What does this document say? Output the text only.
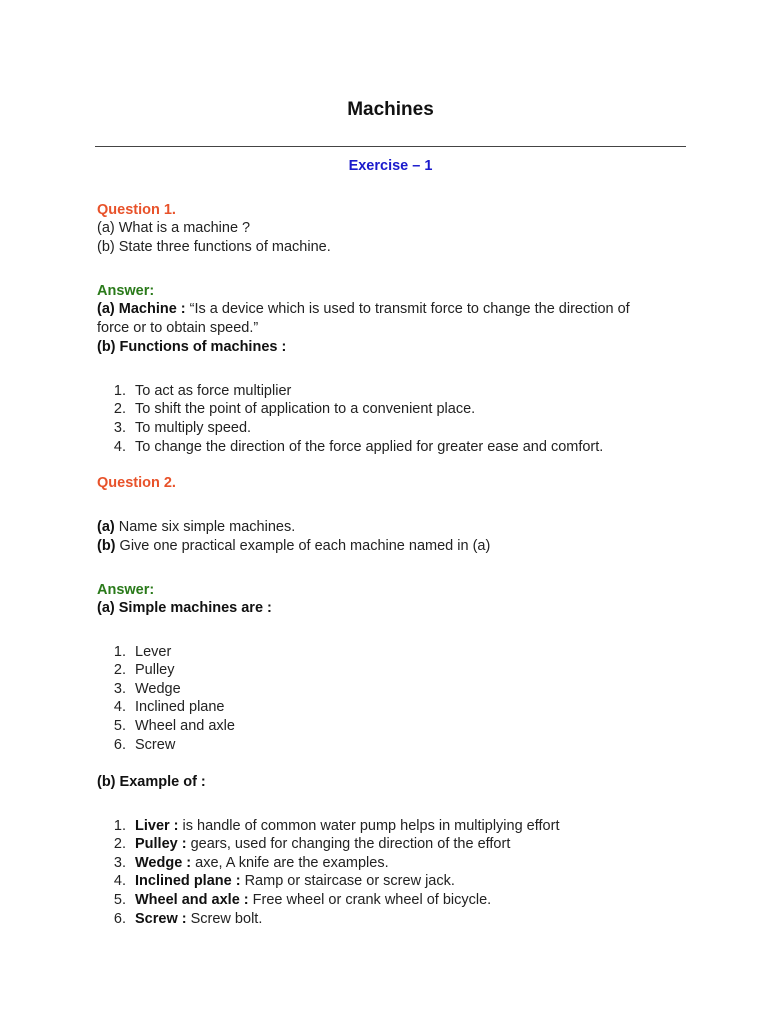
Machines
Exercise – 1
Question 1.
(a) What is a machine ?
(b) State three functions of machine.
Answer:
(a) Machine : “Is a device which is used to transmit force to change the direction of
force or to obtain speed.”
(b) Functions of machines :
1. To act as force multiplier
2. To shift the point of application to a convenient place.
3. To multiply speed.
4. To change the direction of the force applied for greater ease and comfort.
Question 2.
(a) Name six simple machines.
(b) Give one practical example of each machine named in (a)
Answer:
(a) Simple machines are :
1. Lever
2. Pulley
3. Wedge
4. Inclined plane
5. Wheel and axle
6. Screw
(b) Example of :
1. Liver : is handle of common water pump helps in multiplying effort
2. Pulley : gears, used for changing the direction of the effort
3. Wedge : axe, A knife are the examples.
4. Inclined plane : Ramp or staircase or screw jack.
5. Wheel and axle : Free wheel or crank wheel of bicycle.
6. Screw : Screw bolt.
